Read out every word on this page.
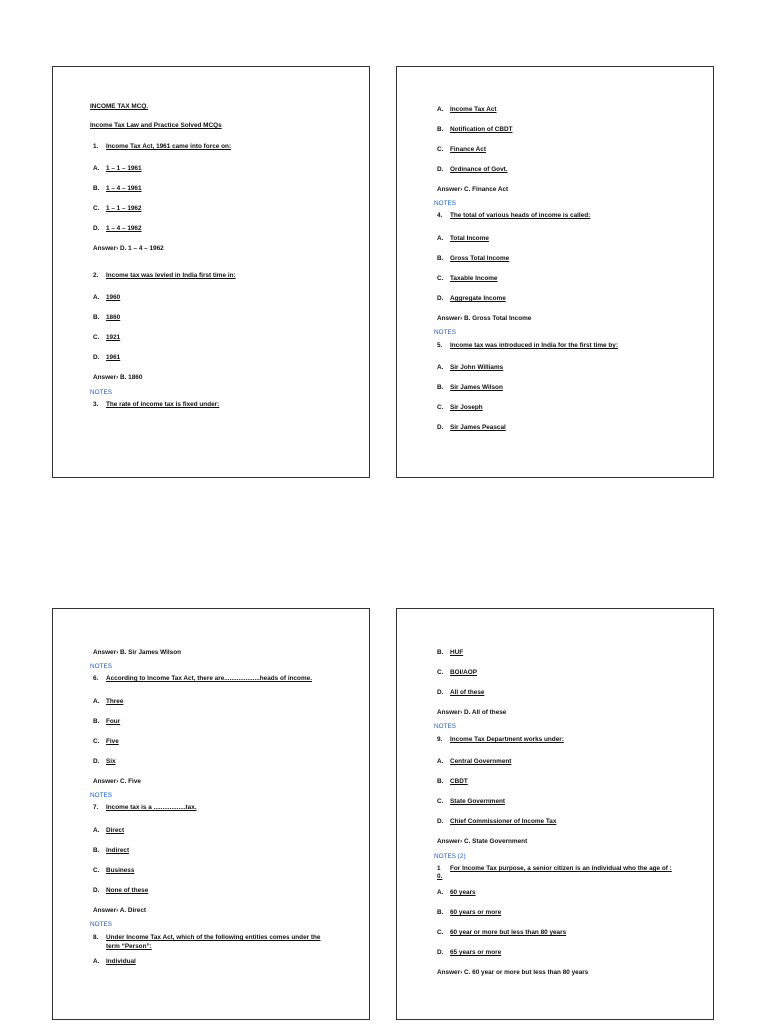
INCOME TAX MCQ.
Income Tax Law and Practice Solved MCQs
1. Income Tax Act, 1961 came into force on:
A. 1 – 1 – 1961
B. 1 – 4 – 1961
C. 1 – 1 – 1962
D. 1 – 4 – 1962
Answer› D. 1 – 4 – 1962
2. Income tax was levied in India first time in:
A. 1960
B. 1860
C. 1921
D. 1961
Answer› B. 1860
NOTES
3. The rate of income tax is fixed under:
A. Income Tax Act
B. Notification of CBDT
C. Finance Act
D. Ordinance of Govt.
Answer› C. Finance Act
NOTES
4. The total of various heads of income is called:
A. Total Income
B. Gross Total Income
C. Taxable Income
D. Aggregate Income
Answer› B. Gross Total Income
NOTES
5. Income tax was introduced in India for the first time by:
A. Sir John Williams
B. Sir James Wilson
C. Sir Joseph
D. Sir James Peascal
Answer› B. Sir James Wilson
NOTES
6. According to Income Tax Act, there are....................heads of income.
A. Three
B. Four
C. Five
D. Six
Answer› C. Five
NOTES
7. Income tax is a ..................tax.
A. Direct
B. Indirect
C. Business
D. None of these
Answer› A. Direct
NOTES
8. Under Income Tax Act, which of the following entities comes under the
term “Person”:
A. Individual
B. HUF
C. BOI/AOP
D. All of these
Answer› D. All of these
NOTES
9. Income Tax Department works under:
A. Central Government
B. CBDT
C. State Government
D. Chief Commissioner of Income Tax
Answer› C. State Government
NOTES (2)
1 For Income Tax purpose, a senior citizen is an individual who the age of :
0.
A. 60 years
B. 60 years or more
C. 60 year or more but less than 80 years
D. 65 years or more
Answer› C. 60 year or more but less than 80 years
